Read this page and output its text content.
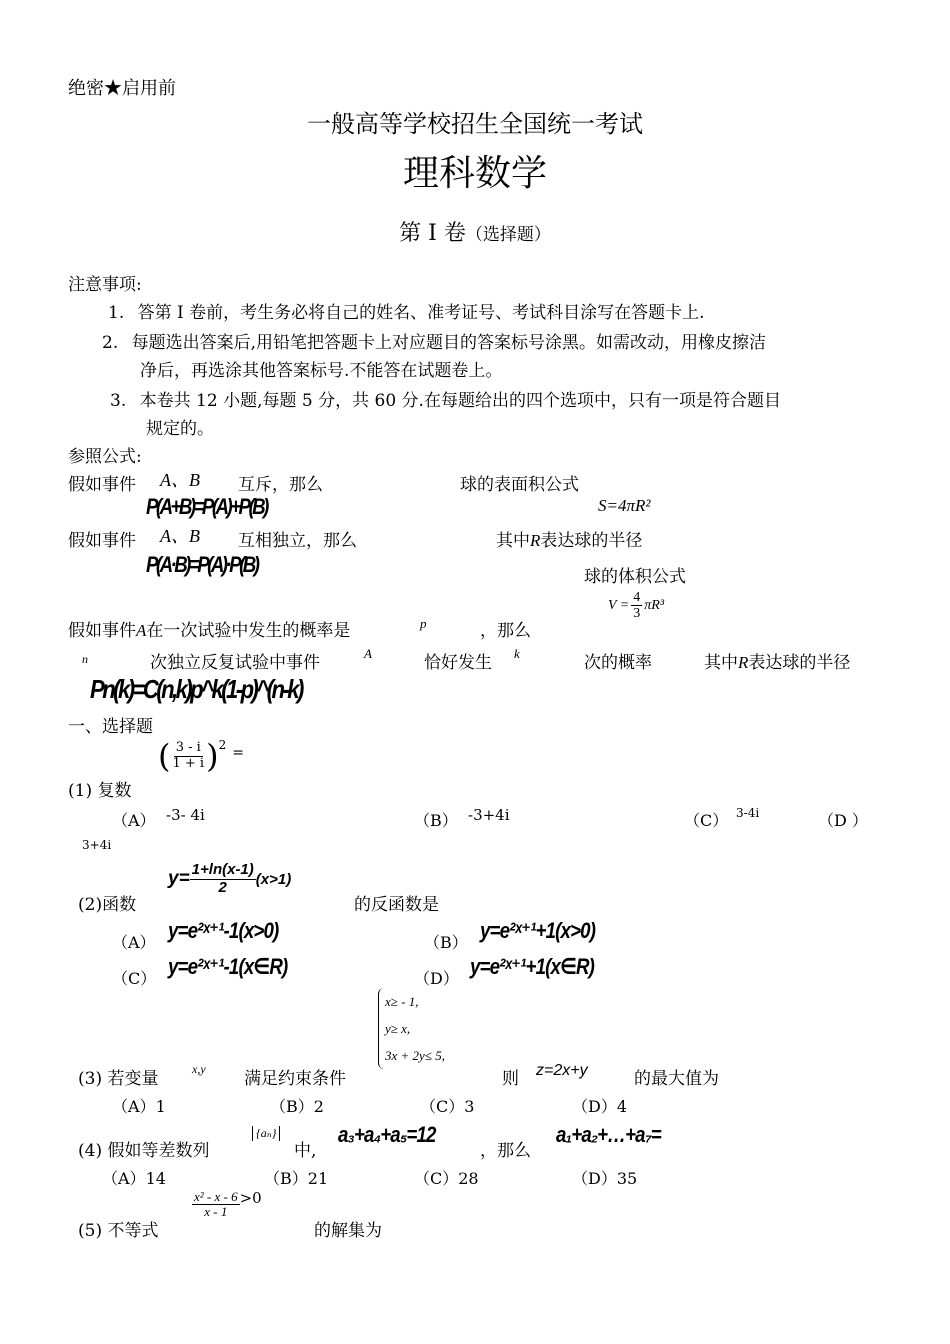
绝密★启用前
一般高等学校招生全国统一考试
理科数学
第 I 卷（选择题）
注意事项:
1. 答第 I 卷前，考生务必将自己的姓名、准考证号、考试科目涂写在答题卡上.
2. 每题选出答案后,用铅笔把答题卡上对应题目的答案标号涂黑。如需改动，用橡皮擦洁
净后，再选涂其他答案标号.不能答在试题卷上。
3. 本卷共 12 小题,每题 5 分，共 60 分.在每题给出的四个选项中，只有一项是符合题目
规定的。
参照公式:
假如事件 A、B 互斥，那么
P(A+B)=P(A)+P(B)
球的表面积公式
S=4πR²
假如事件 A、B 互相独立，那么
P(A·B)=P(A)·P(B)
其中R表达球的半径
球的体积公式
$V = \frac{4}{3} \pi R^3$
假如事件A在一次试验中发生的概率是	p	，那么
n	次独立反复试验中事件	A	恰好发生 k	次的概率	其中R表达球的半径
Pn(k)=C(n,k)p^k(1-p)^(n-k)
一、选择题
(1) 复数
( $\frac{3 - i}{1 + i}$ ) 2 =
（A） -3- 4i	（B） -3+4i	（C） 3-4i	（D ）
3+4i
(2)函数
$y= \frac{1+\ln(x-1)}{2} (x>1)$
的反函数是
（A） y=e²ˣ⁺¹-1(x>0)	（B） y=e²ˣ⁺¹+1(x>0)
（C） y=e²ˣ⁺¹-1(x∈R)	（D） y=e²ˣ⁺¹+1(x∈R)
(3) 若变量	x,y 满足约束条件
x≥ - 1,
y≥ x,
3x + 2y≤ 5,
则 z=2x+y	的最大值为
（A）1	（B）2	（C）3	（D）4
(4) 假如等差数列
{aₙ}
中,
a₃+a₄+a₅=12
，那么
a₁+a₂+…+a₇=
（A）14	（B）21	（C）28	（D）35
(5) 不等式
$\frac{\text{x² - x - 6}}{x - 1} >0$
的解集为
